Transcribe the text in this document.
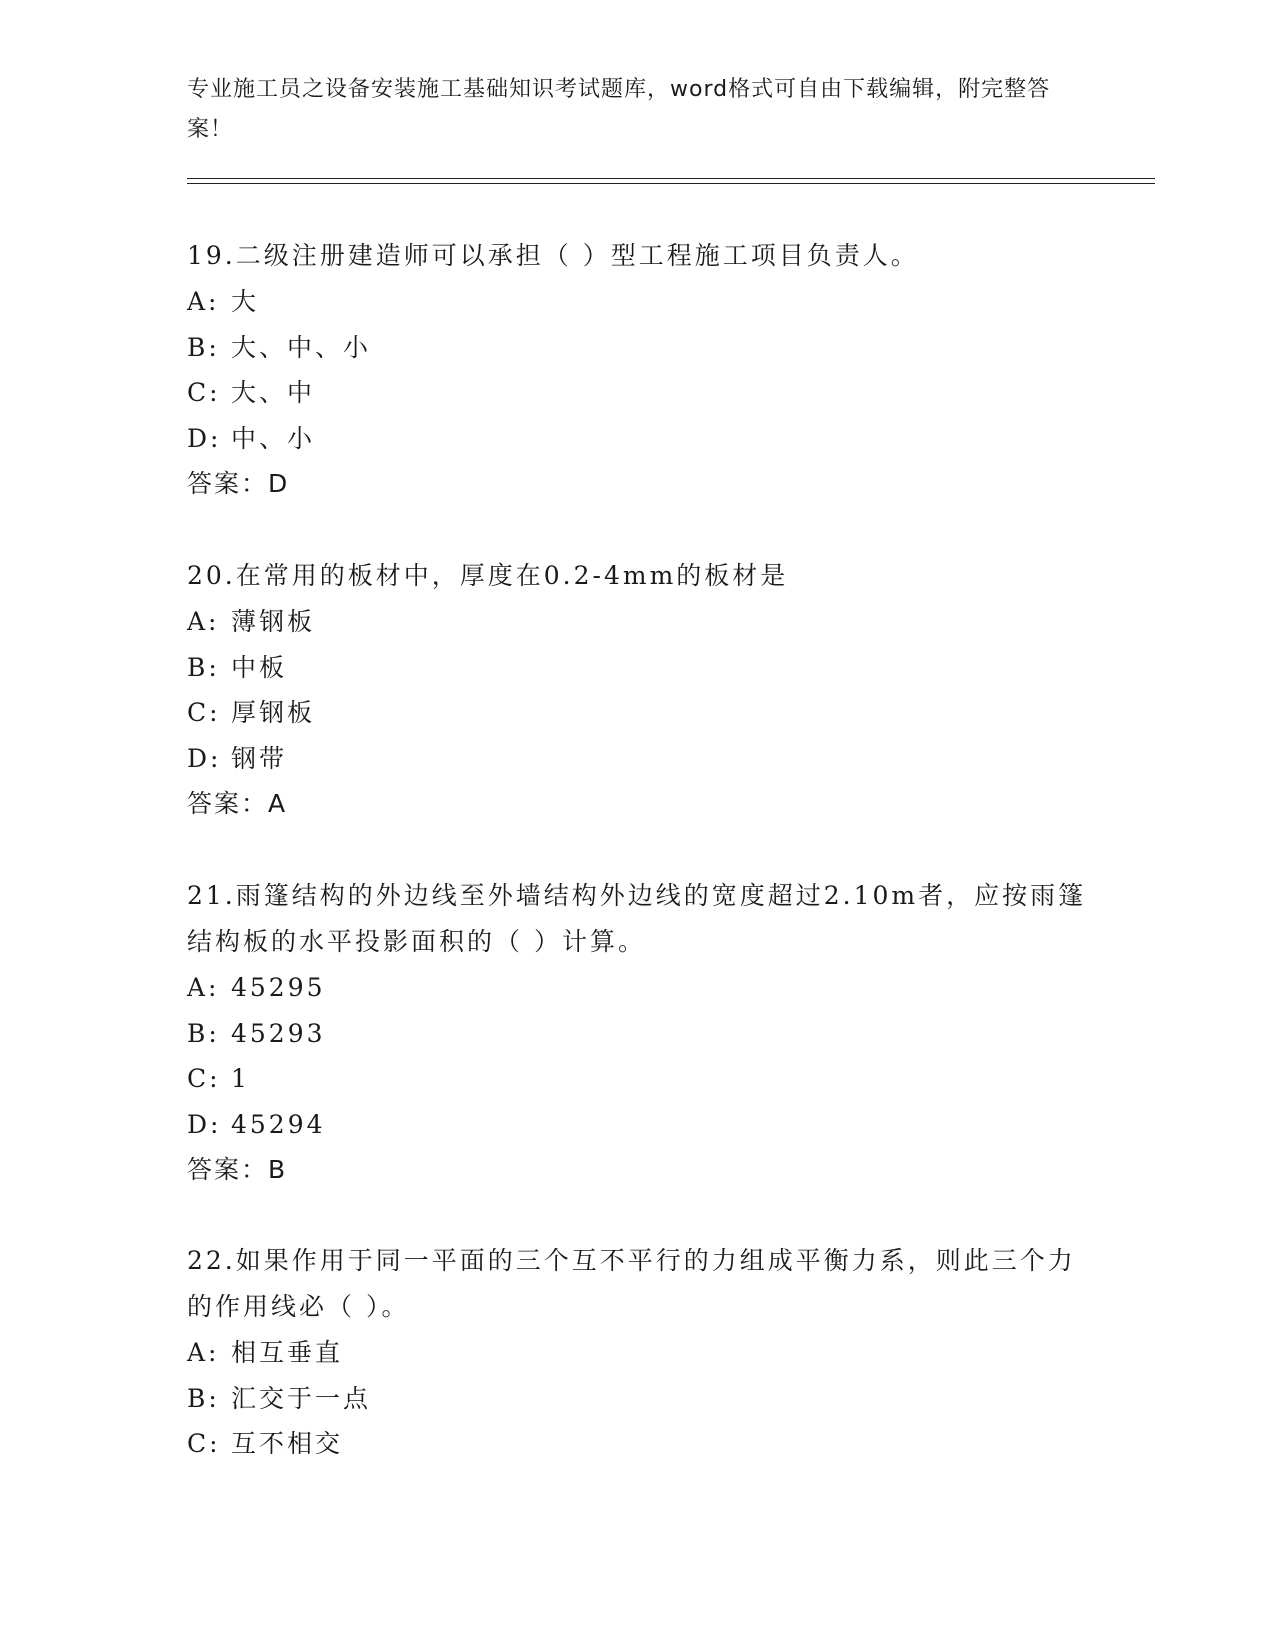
专业施工员之设备安装施工基础知识考试题库，word格式可自由下载编辑，附完整答案！
19.二级注册建造师可以承担（ ）型工程施工项目负责人。
A: 大
B: 大、中、小
C: 大、中
D: 中、小
答案：D
20.在常用的板材中，厚度在0.2-4mm的板材是
A: 薄钢板
B: 中板
C: 厚钢板
D: 钢带
答案：A
21.雨篷结构的外边线至外墙结构外边线的宽度超过2.10m者，应按雨篷结构板的水平投影面积的（ ）计算。
A: 45295
B: 45293
C: 1
D: 45294
答案：B
22.如果作用于同一平面的三个互不平行的力组成平衡力系，则此三个力的作用线必（ ）。
A: 相互垂直
B: 汇交于一点
C: 互不相交
